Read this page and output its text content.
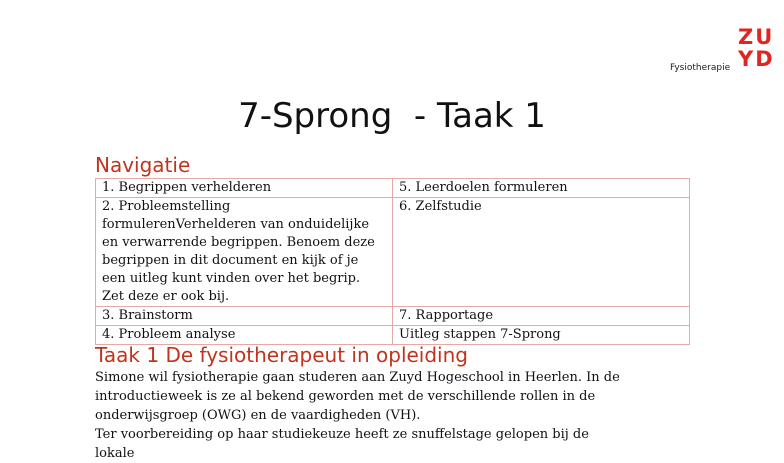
Fysiotherapie
ZU
YD
7-Sprong  - Taak 1
Navigatie
1. Begrippen verhelderen	5. Leerdoelen formuleren
2. Probleemstelling formulerenVerhelderen van onduidelijke en verwarrende begrippen. Benoem deze begrippen in dit document en kijk of je een uitleg kunt vinden over het begrip. Zet deze er ook bij.	6. Zelfstudie
3. Brainstorm	7. Rapportage
4. Probleem analyse	Uitleg stappen 7-Sprong
Taak 1 De fysiotherapeut in opleiding

Simone wil fysiotherapie gaan studeren aan Zuyd Hogeschool in Heerlen. In de introductieweek is ze al bekend geworden met de verschillende rollen in de onderwijsgroep (OWG) en de vaardigheden (VH).

Ter voorbereiding op haar studiekeuze heeft ze snuffelstage gelopen bij de lokale
